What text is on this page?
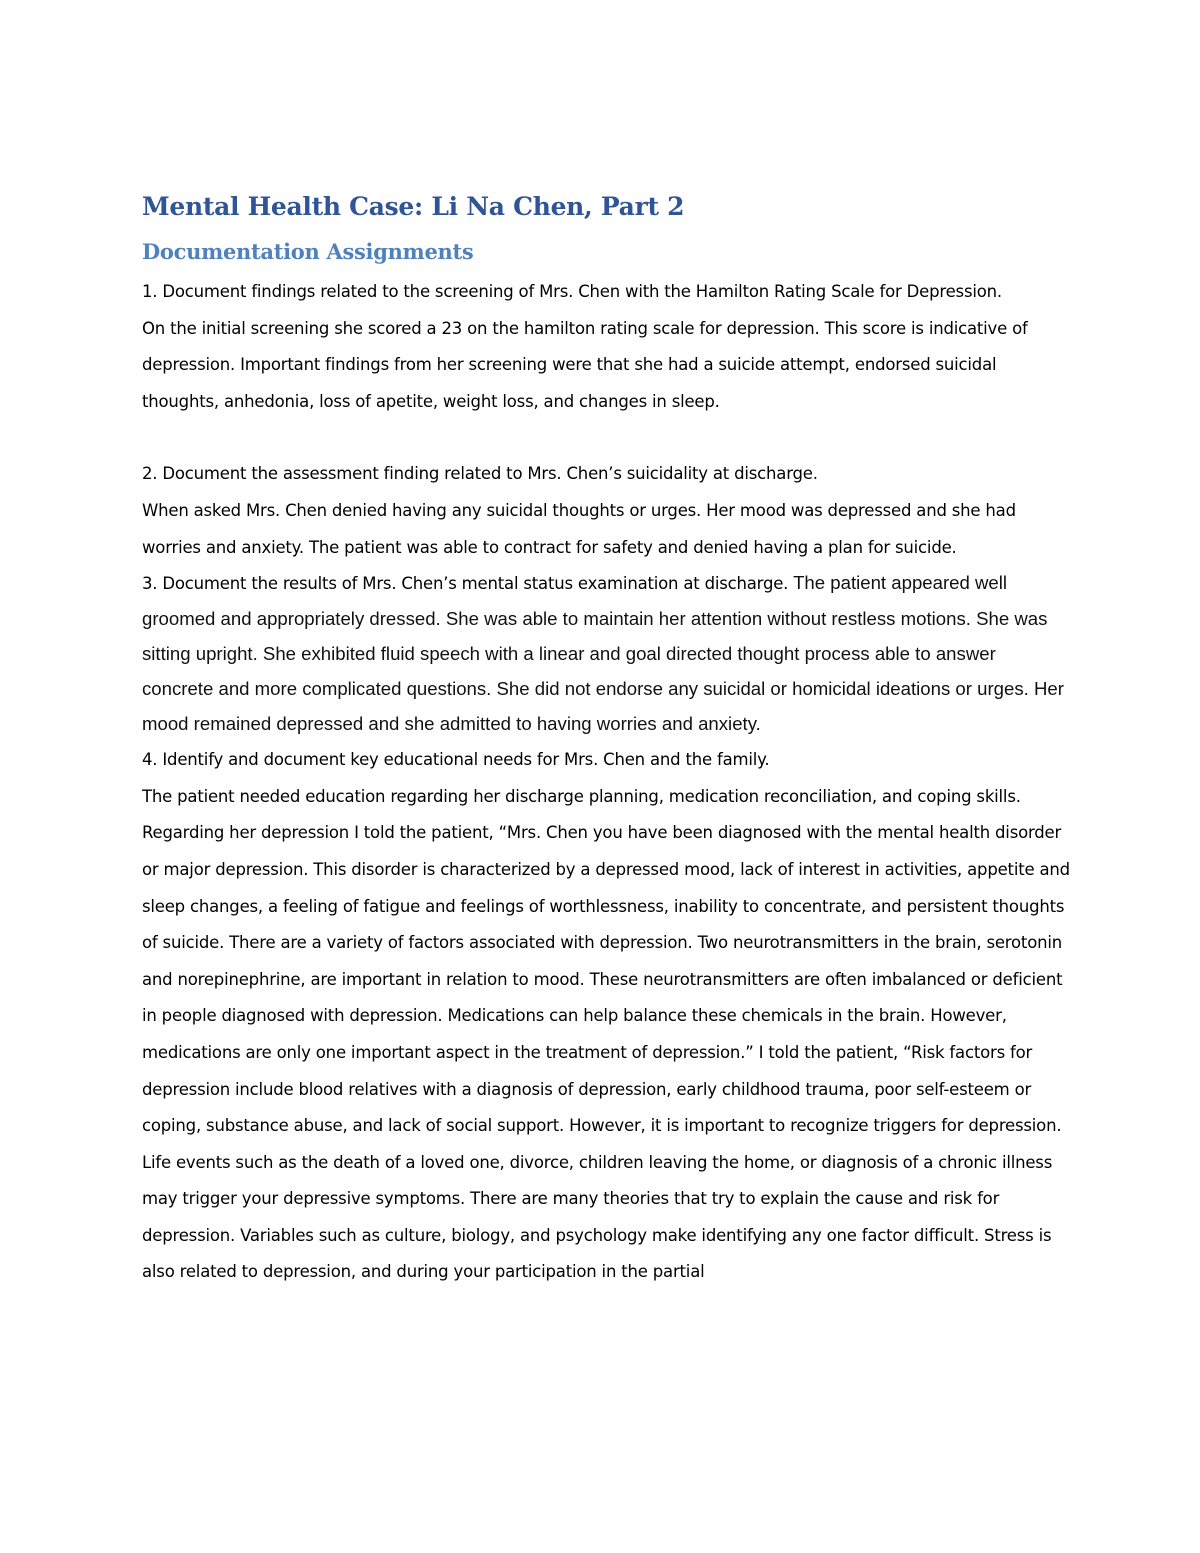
Mental Health Case: Li Na Chen, Part 2
Documentation Assignments

1. Document findings related to the screening of Mrs. Chen with the Hamilton Rating Scale for Depression.

On the initial screening she scored a 23 on the hamilton rating scale for depression. This score is indicative of depression. Important findings from her screening were that she had a suicide attempt, endorsed suicidal thoughts, anhedonia, loss of apetite, weight loss, and changes in sleep.

2. Document the assessment finding related to Mrs. Chen’s suicidality at discharge.

When asked Mrs. Chen denied having any suicidal thoughts or urges. Her mood was depressed and she had worries and anxiety. The patient was able to contract for safety and denied having a plan for suicide.

3. Document the results of Mrs. Chen’s mental status examination at discharge. The patient appeared well groomed and appropriately dressed. She was able to maintain her attention without restless motions. She was sitting upright. She exhibited fluid speech with a linear and goal directed thought process able to answer concrete and more complicated questions. She did not endorse any suicidal or homicidal ideations or urges. Her mood remained depressed and she admitted to having worries and anxiety.

4. Identify and document key educational needs for Mrs. Chen and the family.

The patient needed education regarding her discharge planning, medication reconciliation, and coping skills. Regarding her depression I told the patient, “Mrs. Chen you have been diagnosed with the mental health disorder or major depression. This disorder is characterized by a depressed mood, lack of interest in activities, appetite and sleep changes, a feeling of fatigue and feelings of worthlessness, inability to concentrate, and persistent thoughts of suicide. There are a variety of factors associated with depression. Two neurotransmitters in the brain, serotonin and norepinephrine, are important in relation to mood. These neurotransmitters are often imbalanced or deficient in people diagnosed with depression. Medications can help balance these chemicals in the brain. However, medications are only one important aspect in the treatment of depression.” I told the patient, “Risk factors for depression include blood relatives with a diagnosis of depression, early childhood trauma, poor self-esteem or coping, substance abuse, and lack of social support. However, it is important to recognize triggers for depression. Life events such as the death of a loved one, divorce, children leaving the home, or diagnosis of a chronic illness may trigger your depressive symptoms. There are many theories that try to explain the cause and risk for depression. Variables such as culture, biology, and psychology make identifying any one factor difficult. Stress is also related to depression, and during your participation in the partial
